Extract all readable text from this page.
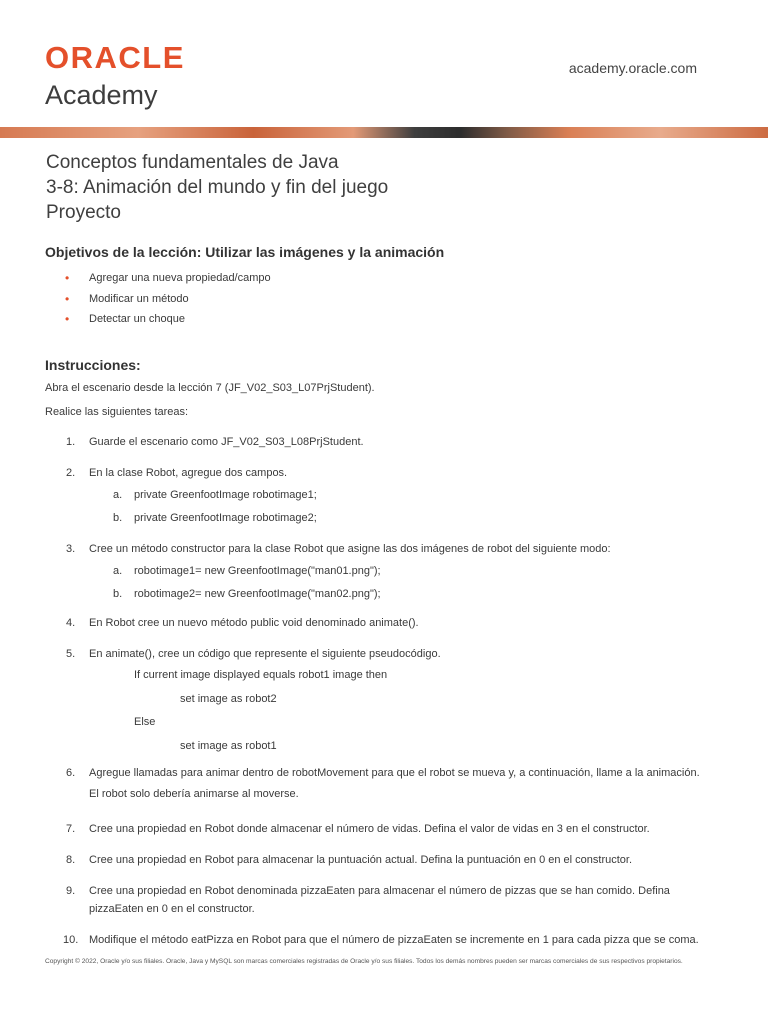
ORACLE
Academy
academy.oracle.com
Conceptos fundamentales de Java
3-8: Animación del mundo y fin del juego
Proyecto
Objetivos de la lección: Utilizar las imágenes y la animación
• Agregar una nueva propiedad/campo
• Modificar un método
• Detectar un choque
Instrucciones:
Abra el escenario desde la lección 7 (JF_V02_S03_L07PrjStudent).
Realice las siguientes tareas:
1. Guarde el escenario como JF_V02_S03_L08PrjStudent.
2. En la clase Robot, agregue dos campos.
a. private GreenfootImage robotimage1;
b. private GreenfootImage robotimage2;
3. Cree un método constructor para la clase Robot que asigne las dos imágenes de robot del siguiente modo:
a. robotimage1= new GreenfootImage("man01.png");
b. robotimage2= new GreenfootImage("man02.png");
4. En Robot cree un nuevo método public void denominado animate().
5. En animate(), cree un código que represente el siguiente pseudocódigo.
If current image displayed equals robot1 image then
set image as robot2
Else
set image as robot1
6. Agregue llamadas para animar dentro de robotMovement para que el robot se mueva y, a continuación, llame a la animación.
El robot solo debería animarse al moverse.
7. Cree una propiedad en Robot donde almacenar el número de vidas. Defina el valor de vidas en 3 en el constructor.
8. Cree una propiedad en Robot para almacenar la puntuación actual. Defina la puntuación en 0 en el constructor.
9. Cree una propiedad en Robot denominada pizzaEaten para almacenar el número de pizzas que se han comido. Defina
pizzaEaten en 0 en el constructor.
10. Modifique el método eatPizza en Robot para que el número de pizzaEaten se incremente en 1 para cada pizza que se coma.
Copyright © 2022, Oracle y/o sus filiales. Oracle, Java y MySQL son marcas comerciales registradas de Oracle y/o sus filiales. Todos los demás nombres pueden ser marcas comerciales de sus respectivos propietarios.
